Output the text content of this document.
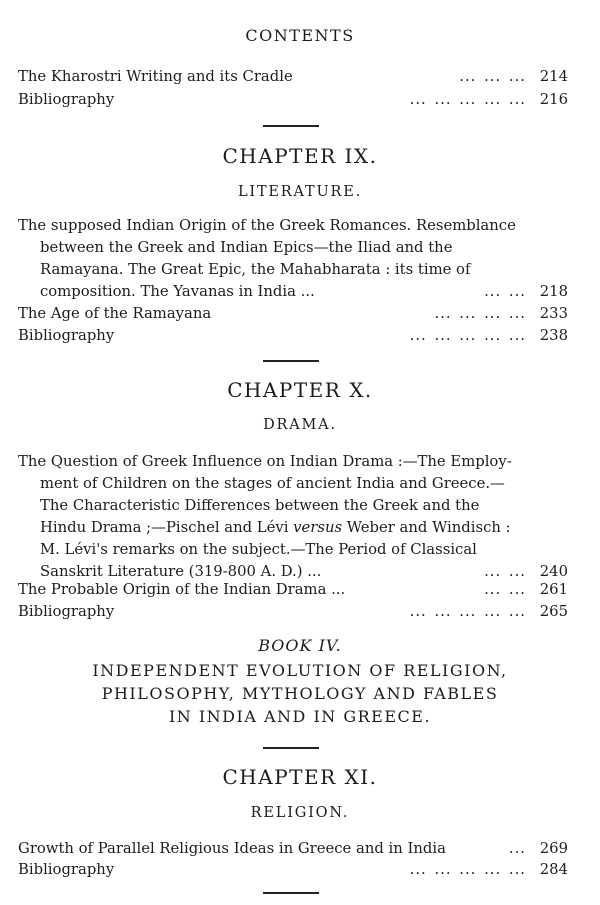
CONTENTS
The Kharostri Writing and its Cradle	... ... ... 214
Bibliography	... ... ... ... ... 216
CHAPTER IX.
LITERATURE.
The supposed Indian Origin of the Greek Romances. Resemblance
between the Greek and Indian Epics—the Iliad and the
Ramayana. The Great Epic, the Mahabharata : its time of
composition. The Yavanas in India ...	... ... 218
The Age of the Ramayana	... ... ... ... 233
Bibliography	... ... ... ... ... 238
CHAPTER X.
DRAMA.
The Question of Greek Influence on Indian Drama :—The Employ-
ment of Children on the stages of ancient India and Greece.—
The Characteristic Differences between the Greek and the
Hindu Drama ;—Pischel and Lévi versus Weber and Windisch :
M. Lévi's remarks on the subject.—The Period of Classical
Sanskrit Literature (319-800 A. D.) ...	... ... 240
The Probable Origin of the Indian Drama ...	... ... 261
Bibliography	... ... ... ... ... 265
BOOK IV.
INDEPENDENT EVOLUTION OF RELIGION,
PHILOSOPHY, MYTHOLOGY AND FABLES
IN INDIA AND IN GREECE.
CHAPTER XI.
RELIGION.
Growth of Parallel Religious Ideas in Greece and in India	... 269
Bibliography	... ... ... ... ... 284
